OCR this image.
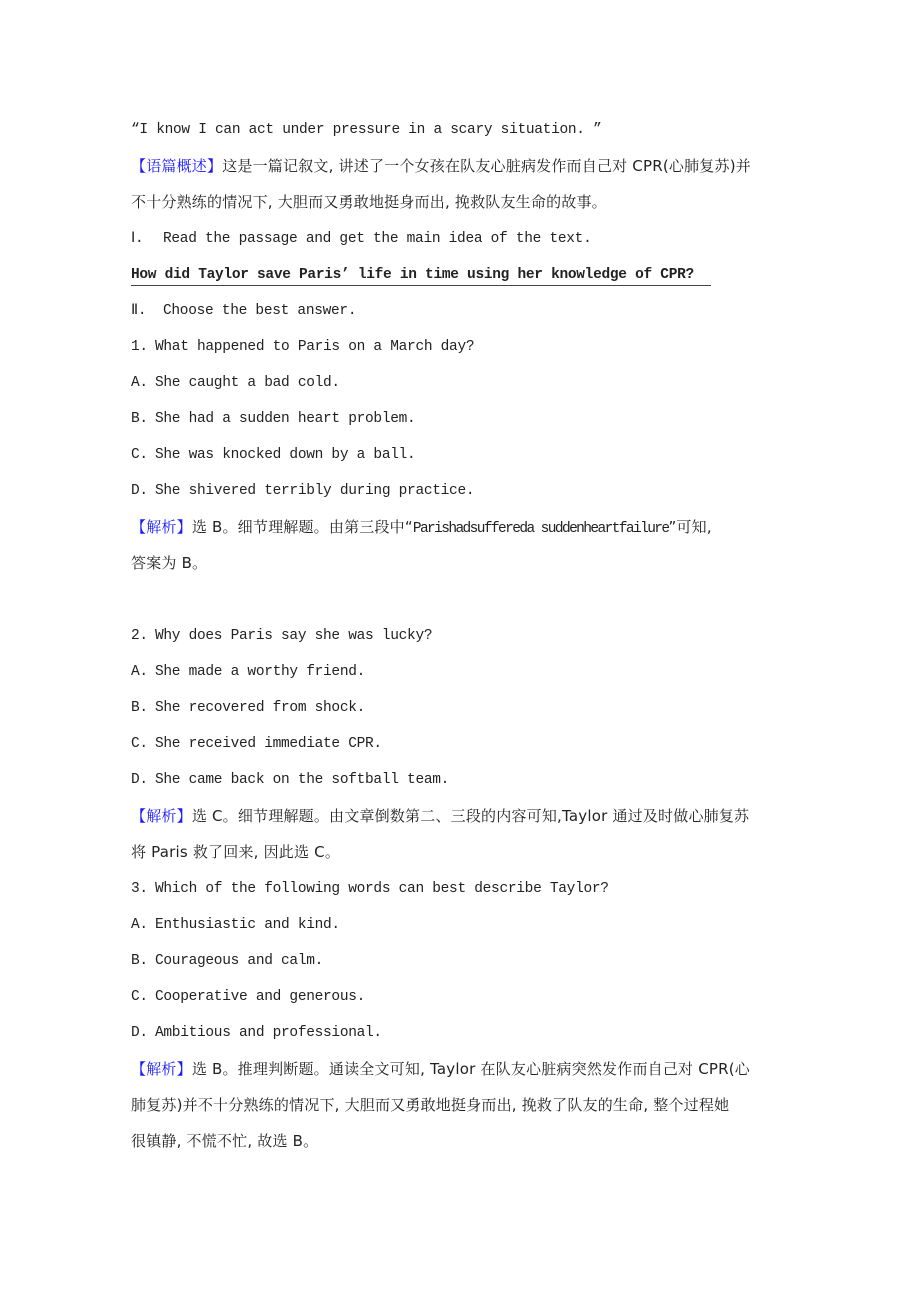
“I know I can act under pressure in a scary situation. ”
【语篇概述】这是一篇记叙文, 讲述了一个女孩在队友心脏病发作而自己对 CPR(心肺复苏)并
不十分熟练的情况下, 大胆而又勇敢地挺身而出, 挽救队友生命的故事。
Ⅰ. Read the passage and get the main idea of the text.
How did Taylor save Paris’ life in time using her knowledge of CPR?
Ⅱ. Choose the best answer.
1. What happened to Paris on a March day?
A. She caught a bad cold.
B. She had a sudden heart problem.
C. She was knocked down by a ball.
D. She shivered terribly during practice.
【解析】选 B。细节理解题。由第三段中“Parishadsuffereda suddenheartfailure”可知,
答案为 B。
2. Why does Paris say she was lucky?
A. She made a worthy friend.
B. She recovered from shock.
C. She received immediate CPR.
D. She came back on the softball team.
【解析】选 C。细节理解题。由文章倒数第二、三段的内容可知,Taylor 通过及时做心肺复苏
将 Paris 救了回来, 因此选 C。
3. Which of the following words can best describe Taylor?
A. Enthusiastic and kind.
B. Courageous and calm.
C. Cooperative and generous.
D. Ambitious and professional.
【解析】选 B。推理判断题。通读全文可知, Taylor 在队友心脏病突然发作而自己对 CPR(心
肺复苏)并不十分熟练的情况下, 大胆而又勇敢地挺身而出, 挽救了队友的生命, 整个过程她
很镇静, 不慌不忙, 故选 B。
